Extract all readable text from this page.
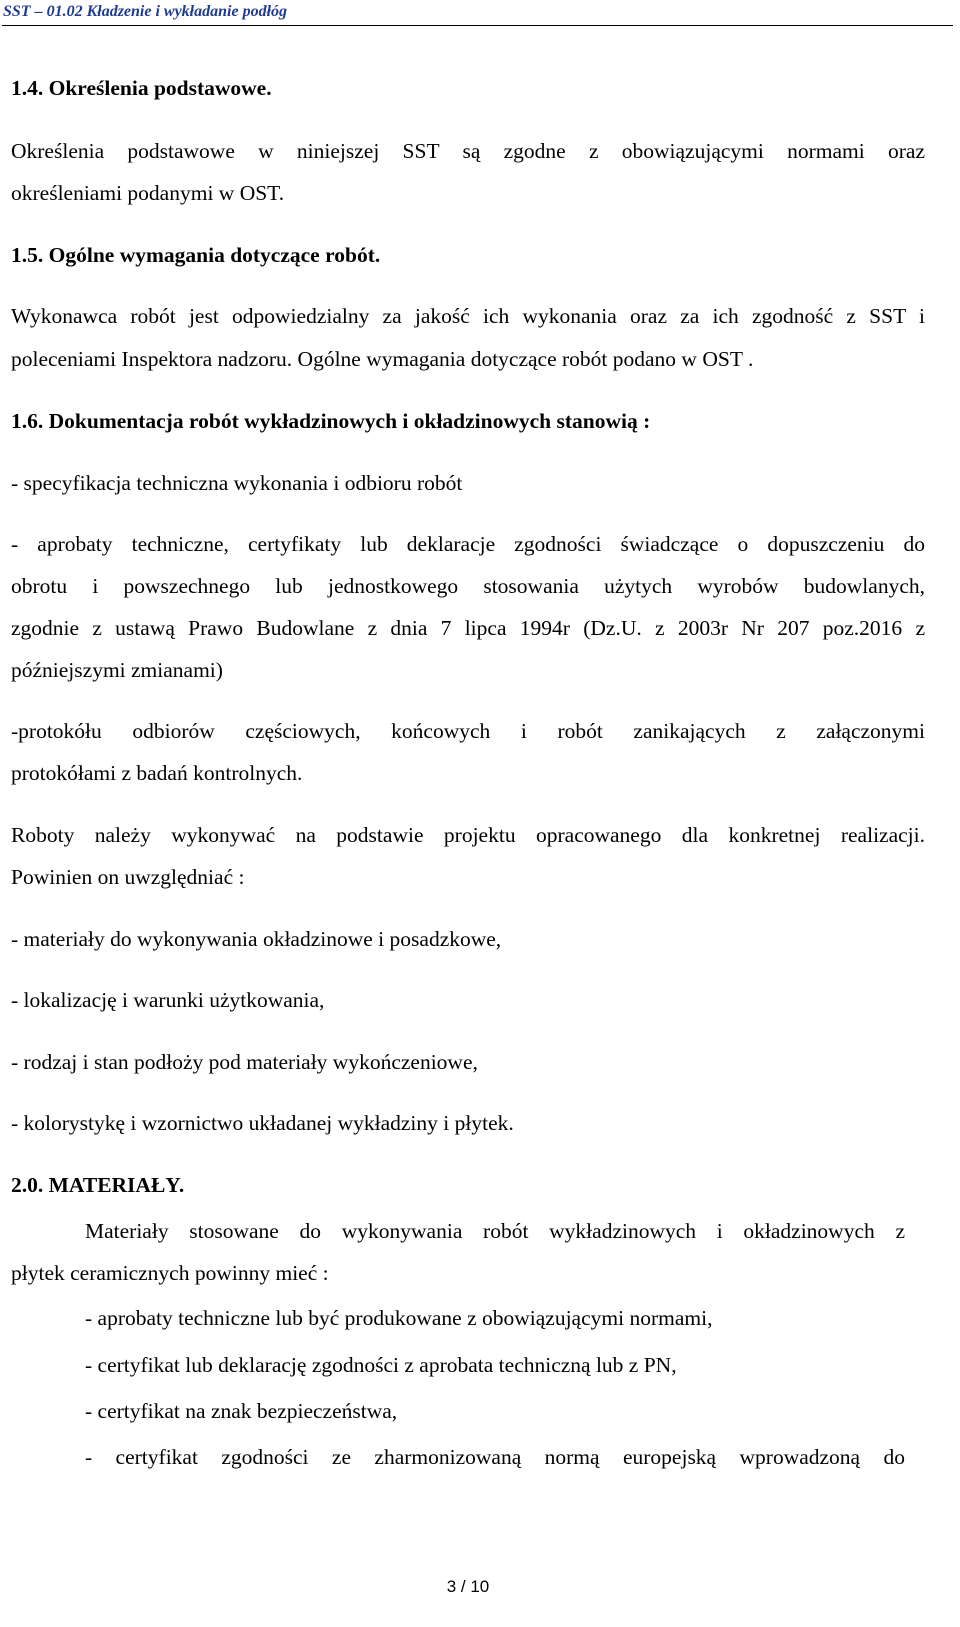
SST – 01.02 Kładzenie i wykładanie podłóg
1.4. Określenia podstawowe.
Określenia podstawowe w niniejszej SST są zgodne z obowiązującymi normami oraz
określeniami podanymi w OST.
1.5. Ogólne wymagania dotyczące robót.
Wykonawca robót jest odpowiedzialny za jakość ich wykonania oraz za ich zgodność z SST i
poleceniami Inspektora nadzoru. Ogólne wymagania dotyczące robót podano w OST .
1.6. Dokumentacja robót wykładzinowych i okładzinowych stanowią :
- specyfikacja techniczna wykonania i odbioru robót
- aprobaty techniczne, certyfikaty lub deklaracje zgodności świadczące o dopuszczeniu do
obrotu i powszechnego lub jednostkowego stosowania użytych wyrobów budowlanych,
zgodnie z ustawą Prawo Budowlane z dnia 7 lipca 1994r (Dz.U. z 2003r Nr 207 poz.2016 z
późniejszymi zmianami)
-protokółu odbiorów częściowych, końcowych i robót zanikających z załączonymi
protokółami z badań kontrolnych.
Roboty należy wykonywać na podstawie projektu opracowanego dla konkretnej realizacji.
Powinien on uwzględniać :
- materiały do wykonywania okładzinowe i posadzkowe,
- lokalizację i warunki użytkowania,
- rodzaj i stan podłoży pod materiały wykończeniowe,
- kolorystykę i wzornictwo układanej wykładziny i płytek.
2.0. MATERIAŁY.
Materiały stosowane do wykonywania robót wykładzinowych i okładzinowych z
płytek ceramicznych powinny mieć :
- aprobaty techniczne lub być produkowane z obowiązującymi normami,
- certyfikat lub deklarację zgodności z aprobata techniczną lub z PN,
- certyfikat na znak bezpieczeństwa,
- certyfikat zgodności ze zharmonizowaną normą europejską wprowadzoną do
3 / 10
